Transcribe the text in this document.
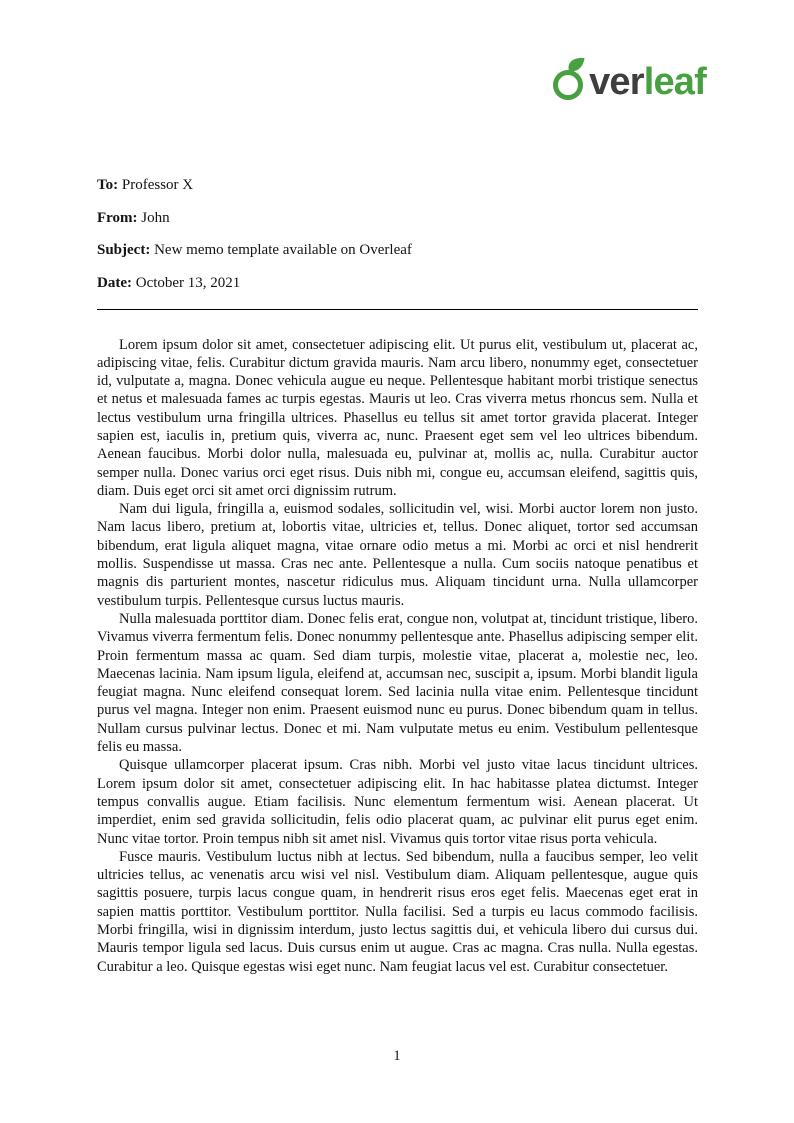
verleaf

To: Professor X

From: John

Subject: New memo template available on Overleaf

Date: October 13, 2021

Lorem ipsum dolor sit amet, consectetuer adipiscing elit. Ut purus elit, vestibulum ut, placerat ac, adipiscing vitae, felis. Curabitur dictum gravida mauris. Nam arcu libero, nonummy eget, consectetuer id, vulputate a, magna. Donec vehicula augue eu neque. Pellentesque habitant morbi tristique senectus et netus et malesuada fames ac turpis egestas. Mauris ut leo. Cras viverra metus rhoncus sem. Nulla et lectus vestibulum urna fringilla ultrices. Phasellus eu tellus sit amet tortor gravida placerat. Integer sapien est, iaculis in, pretium quis, viverra ac, nunc. Praesent eget sem vel leo ultrices bibendum. Aenean faucibus. Morbi dolor nulla, malesuada eu, pulvinar at, mollis ac, nulla. Curabitur auctor semper nulla. Donec varius orci eget risus. Duis nibh mi, congue eu, accumsan eleifend, sagittis quis, diam. Duis eget orci sit amet orci dignissim rutrum.

Nam dui ligula, fringilla a, euismod sodales, sollicitudin vel, wisi. Morbi auctor lorem non justo. Nam lacus libero, pretium at, lobortis vitae, ultricies et, tellus. Donec aliquet, tortor sed accumsan bibendum, erat ligula aliquet magna, vitae ornare odio metus a mi. Morbi ac orci et nisl hendrerit mollis. Suspendisse ut massa. Cras nec ante. Pellentesque a nulla. Cum sociis natoque penatibus et magnis dis parturient montes, nascetur ridiculus mus. Aliquam tincidunt urna. Nulla ullamcorper vestibulum turpis. Pellentesque cursus luctus mauris.

Nulla malesuada porttitor diam. Donec felis erat, congue non, volutpat at, tincidunt tristique, libero. Vivamus viverra fermentum felis. Donec nonummy pellentesque ante. Phasellus adipiscing semper elit. Proin fermentum massa ac quam. Sed diam turpis, molestie vitae, placerat a, molestie nec, leo. Maecenas lacinia. Nam ipsum ligula, eleifend at, accumsan nec, suscipit a, ipsum. Morbi blandit ligula feugiat magna. Nunc eleifend consequat lorem. Sed lacinia nulla vitae enim. Pellentesque tincidunt purus vel magna. Integer non enim. Praesent euismod nunc eu purus. Donec bibendum quam in tellus. Nullam cursus pulvinar lectus. Donec et mi. Nam vulputate metus eu enim. Vestibulum pellentesque felis eu massa.

Quisque ullamcorper placerat ipsum. Cras nibh. Morbi vel justo vitae lacus tincidunt ultrices. Lorem ipsum dolor sit amet, consectetuer adipiscing elit. In hac habitasse platea dictumst. Integer tempus convallis augue. Etiam facilisis. Nunc elementum fermentum wisi. Aenean placerat. Ut imperdiet, enim sed gravida sollicitudin, felis odio placerat quam, ac pulvinar elit purus eget enim. Nunc vitae tortor. Proin tempus nibh sit amet nisl. Vivamus quis tortor vitae risus porta vehicula.

Fusce mauris. Vestibulum luctus nibh at lectus. Sed bibendum, nulla a faucibus semper, leo velit ultricies tellus, ac venenatis arcu wisi vel nisl. Vestibulum diam. Aliquam pellentesque, augue quis sagittis posuere, turpis lacus congue quam, in hendrerit risus eros eget felis. Maecenas eget erat in sapien mattis porttitor. Vestibulum porttitor. Nulla facilisi. Sed a turpis eu lacus commodo facilisis. Morbi fringilla, wisi in dignissim interdum, justo lectus sagittis dui, et vehicula libero dui cursus dui. Mauris tempor ligula sed lacus. Duis cursus enim ut augue. Cras ac magna. Cras nulla. Nulla egestas. Curabitur a leo. Quisque egestas wisi eget nunc. Nam feugiat lacus vel est. Curabitur consectetuer.

1
